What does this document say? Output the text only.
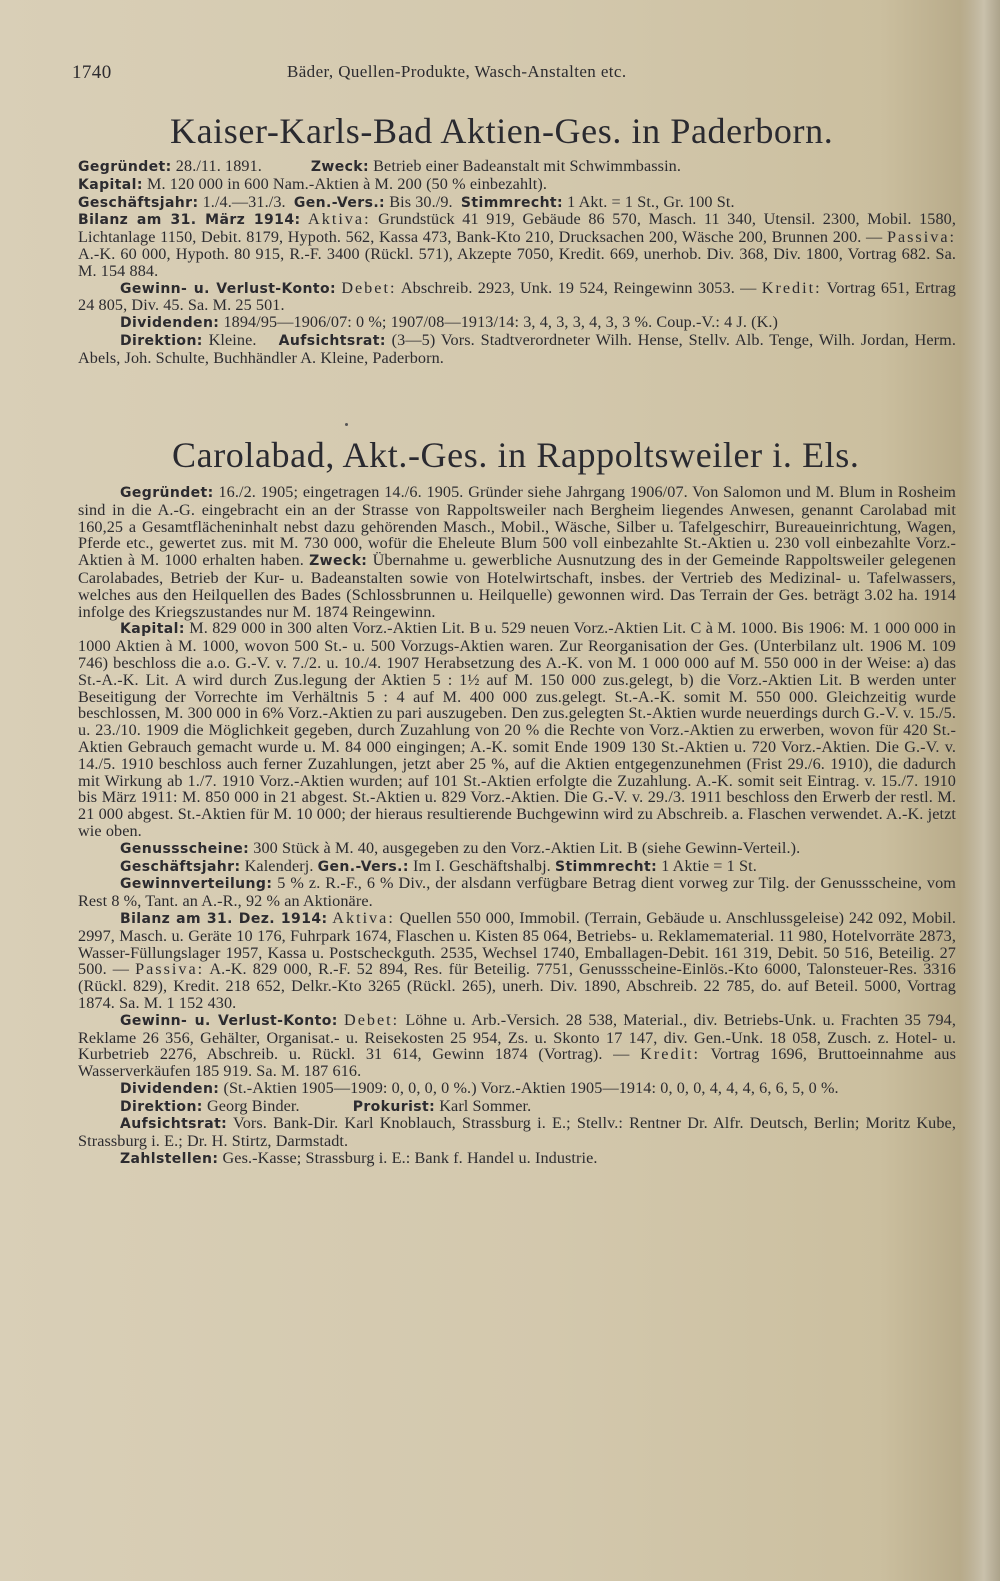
1740	Bäder, Quellen-Produkte, Wasch-Anstalten etc.
Kaiser-Karls-Bad Aktien-Ges. in Paderborn.

Gegründet: 28./11. 1891.   	Zweck: Betrieb einer Badeanstalt mit Schwimmbassin.

Kapital: M. 120 000 in 600 Nam.-Aktien à M. 200 (50 % einbezahlt).

Geschäftsjahr: 1./4.—31./3.  Gen.-Vers.: Bis 30./9.  Stimmrecht: 1 Akt. = 1 St., Gr. 100 St.

Bilanz am 31. März 1914: Aktiva: Grundstück 41 919, Gebäude 86 570, Masch. 11 340, Utensil. 2300, Mobil. 1580, Lichtanlage 1150, Debit. 8179, Hypoth. 562, Kassa 473, Bank-Kto 210, Drucksachen 200, Wäsche 200, Brunnen 200. — Passiva: A.-K. 60 000, Hypoth. 80 915, R.-F. 3400 (Rückl. 571), Akzepte 7050, Kredit. 669, unerhob. Div. 368, Div. 1800, Vortrag 682. Sa. M. 154 884.

Gewinn- u. Verlust-Konto: Debet: Abschreib. 2923, Unk. 19 524, Reingewinn 3053. — Kredit: Vortrag 651, Ertrag 24 805, Div. 45. Sa. M. 25 501.

Dividenden: 1894/95—1906/07: 0 %; 1907/08—1913/14: 3, 4, 3, 3, 4, 3, 3 %. Coup.-V.: 4 J. (K.)

Direktion: Kleine.  Aufsichtsrat: (3—5) Vors. Stadtverordneter Wilh. Hense, Stellv. Alb. Tenge, Wilh. Jordan, Herm. Abels, Joh. Schulte, Buchhändler A. Kleine, Paderborn.

Carolabad, Akt.-Ges. in Rappoltsweiler i. Els.

Gegründet: 16./2. 1905; eingetragen 14./6. 1905. Gründer siehe Jahrgang 1906/07. Von Salomon und M. Blum in Rosheim sind in die A.-G. eingebracht ein an der Strasse von Rappoltsweiler nach Bergheim liegendes Anwesen, genannt Carolabad mit 160,25 a Gesamtflächeninhalt nebst dazu gehörenden Masch., Mobil., Wäsche, Silber u. Tafelgeschirr, Bureaueinrichtung, Wagen, Pferde etc., gewertet zus. mit M. 730 000, wofür die Eheleute Blum 500 voll einbezahlte St.-Aktien u. 230 voll einbezahlte Vorz.-Aktien à M. 1000 erhalten haben. Zweck: Übernahme u. gewerbliche Ausnutzung des in der Gemeinde Rappoltsweiler gelegenen Carolabades, Betrieb der Kur- u. Badeanstalten sowie von Hotelwirtschaft, insbes. der Vertrieb des Medizinal- u. Tafelwassers, welches aus den Heilquellen des Bades (Schlossbrunnen u. Heilquelle) gewonnen wird. Das Terrain der Ges. beträgt 3.02 ha. 1914 infolge des Kriegszustandes nur M. 1874 Reingewinn.

Kapital: M. 829 000 in 300 alten Vorz.-Aktien Lit. B u. 529 neuen Vorz.-Aktien Lit. C à M. 1000. Bis 1906: M. 1 000 000 in 1000 Aktien à M. 1000, wovon 500 St.- u. 500 Vorzugs-Aktien waren. Zur Reorganisation der Ges. (Unterbilanz ult. 1906 M. 109 746) beschloss die a.o. G.-V. v. 7./2. u. 10./4. 1907 Herabsetzung des A.-K. von M. 1 000 000 auf M. 550 000 in der Weise: a) das St.-A.-K. Lit. A wird durch Zus.legung der Aktien 5 : 1½ auf M. 150 000 zus.gelegt, b) die Vorz.-Aktien Lit. B werden unter Beseitigung der Vorrechte im Verhältnis 5 : 4 auf M. 400 000 zus.gelegt. St.-A.-K. somit M. 550 000. Gleichzeitig wurde beschlossen, M. 300 000 in 6% Vorz.-Aktien zu pari auszugeben. Den zus.gelegten St.-Aktien wurde neuerdings durch G.-V. v. 15./5. u. 23./10. 1909 die Möglichkeit gegeben, durch Zuzahlung von 20 % die Rechte von Vorz.-Aktien zu erwerben, wovon für 420 St.-Aktien Gebrauch gemacht wurde u. M. 84 000 eingingen; A.-K. somit Ende 1909 130 St.-Aktien u. 720 Vorz.-Aktien. Die G.-V. v. 14./5. 1910 beschloss auch ferner Zuzahlungen, jetzt aber 25 %, auf die Aktien entgegenzunehmen (Frist 29./6. 1910), die dadurch mit Wirkung ab 1./7. 1910 Vorz.-Aktien wurden; auf 101 St.-Aktien erfolgte die Zuzahlung. A.-K. somit seit Eintrag. v. 15./7. 1910 bis März 1911: M. 850 000 in 21 abgest. St.-Aktien u. 829 Vorz.-Aktien. Die G.-V. v. 29./3. 1911 beschloss den Erwerb der restl. M. 21 000 abgest. St.-Aktien für M. 10 000; der hieraus resultierende Buchgewinn wird zu Abschreib. a. Flaschen verwendet. A.-K. jetzt wie oben.

Genussscheine: 300 Stück à M. 40, ausgegeben zu den Vorz.-Aktien Lit. B (siehe Gewinn-Verteil.).

Geschäftsjahr: Kalenderj. Gen.-Vers.: Im I. Geschäftshalbj. Stimmrecht: 1 Aktie = 1 St.

Gewinnverteilung: 5 % z. R.-F., 6 % Div., der alsdann verfügbare Betrag dient vorweg zur Tilg. der Genussscheine, vom Rest 8 %, Tant. an A.-R., 92 % an Aktionäre.

Bilanz am 31. Dez. 1914: Aktiva: Quellen 550 000, Immobil. (Terrain, Gebäude u. Anschlussgeleise) 242 092, Mobil. 2997, Masch. u. Geräte 10 176, Fuhrpark 1674, Flaschen u. Kisten 85 064, Betriebs- u. Reklamematerial. 11 980, Hotelvorräte 2873, Wasser-Füllungslager 1957, Kassa u. Postscheckguth. 2535, Wechsel 1740, Emballagen-Debit. 161 319, Debit. 50 516, Beteilig. 27 500. — Passiva: A.-K. 829 000, R.-F. 52 894, Res. für Beteilig. 7751, Genussscheine-Einlös.-Kto 6000, Talonsteuer-Res. 3316 (Rückl. 829), Kredit. 218 652, Delkr.-Kto 3265 (Rückl. 265), unerh. Div. 1890, Abschreib. 22 785, do. auf Beteil. 5000, Vortrag 1874. Sa. M. 1 152 430.

Gewinn- u. Verlust-Konto: Debet: Löhne u. Arb.-Versich. 28 538, Material., div. Betriebs-Unk. u. Frachten 35 794, Reklame 26 356, Gehälter, Organisat.- u. Reisekosten 25 954, Zs. u. Skonto 17 147, div. Gen.-Unk. 18 058, Zusch. z. Hotel- u. Kurbetrieb 2276, Abschreib. u. Rückl. 31 614, Gewinn 1874 (Vortrag). — Kredit: Vortrag 1696, Bruttoeinnahme aus Wasserverkäufen 185 919. Sa. M. 187 616.

Dividenden: (St.-Aktien 1905—1909: 0, 0, 0, 0 %.) Vorz.-Aktien 1905—1914: 0, 0, 0, 4, 4, 4, 6, 6, 5, 0 %.

Direktion: Georg Binder.    	Prokurist: Karl Sommer.

Aufsichtsrat: Vors. Bank-Dir. Karl Knoblauch, Strassburg i. E.; Stellv.: Rentner Dr. Alfr. Deutsch, Berlin; Moritz Kube, Strassburg i. E.; Dr. H. Stirtz, Darmstadt.

Zahlstellen: Ges.-Kasse; Strassburg i. E.: Bank f. Handel u. Industrie.
